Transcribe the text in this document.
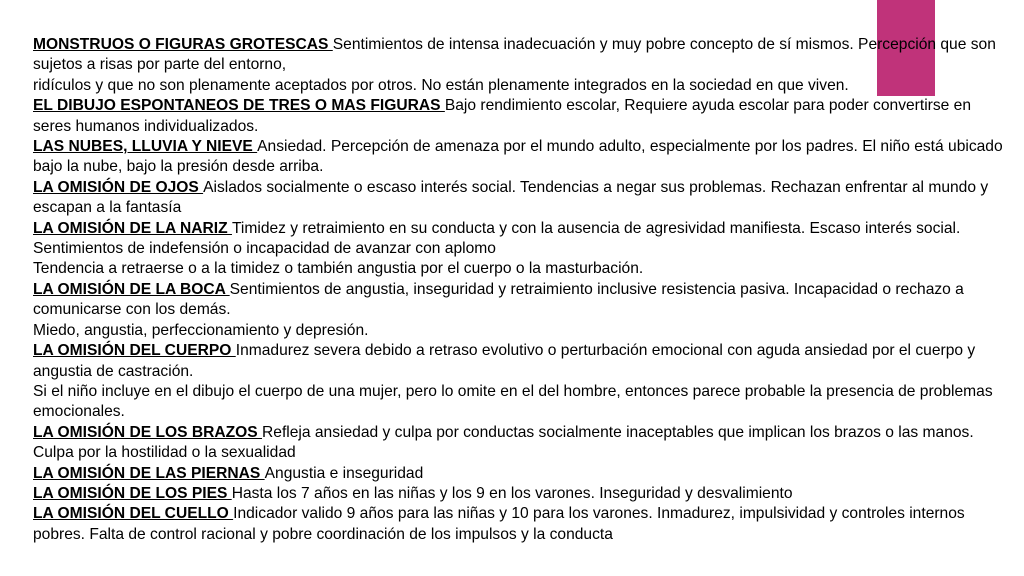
MONSTRUOS O FIGURAS GROTESCAS Sentimientos de intensa inadecuación y muy pobre concepto de sí mismos. Percepción que son sujetos a risas por parte del entorno,

ridículos y que no son plenamente aceptados por otros. No están plenamente integrados en la sociedad en que viven.

EL DIBUJO ESPONTANEOS DE TRES O MAS FIGURAS Bajo rendimiento escolar, Requiere ayuda escolar para poder convertirse en seres humanos individualizados.

LAS NUBES, LLUVIA Y NIEVE Ansiedad. Percepción de amenaza por el mundo adulto, especialmente por los padres. El niño está ubicado bajo la nube, bajo la presión desde arriba.

LA OMISIÓN DE OJOS Aislados socialmente o escaso interés social. Tendencias a negar sus problemas. Rechazan enfrentar al mundo y escapan a la fantasía

LA OMISIÓN DE LA NARIZ Timidez y retraimiento en su conducta y con la ausencia de agresividad manifiesta. Escaso interés social. Sentimientos de indefensión o incapacidad de avanzar con aplomo

Tendencia a retraerse o a la timidez o también angustia por el cuerpo o la masturbación.

LA OMISIÓN DE LA BOCA Sentimientos de angustia, inseguridad y retraimiento inclusive resistencia pasiva. Incapacidad o rechazo a comunicarse con los demás.

Miedo, angustia, perfeccionamiento y depresión.

LA OMISIÓN DEL CUERPO Inmadurez severa debido a retraso evolutivo o perturbación emocional con aguda ansiedad por el cuerpo y angustia de castración.

Si el niño incluye en el dibujo el cuerpo de una mujer, pero lo omite en el del hombre, entonces parece probable la presencia de problemas emocionales.

LA OMISIÓN DE LOS BRAZOS Refleja ansiedad y culpa por conductas socialmente inaceptables que implican los brazos o las manos. Culpa por la hostilidad o la sexualidad

LA OMISIÓN DE LAS PIERNAS Angustia e inseguridad

LA OMISIÓN DE LOS PIES Hasta los 7 años en las niñas y los 9 en los varones. Inseguridad y desvalimiento

LA OMISIÓN DEL CUELLO Indicador valido 9 años para las niñas y 10 para los varones. Inmadurez, impulsividad y controles internos pobres. Falta de control racional y pobre coordinación de los impulsos y la conducta
